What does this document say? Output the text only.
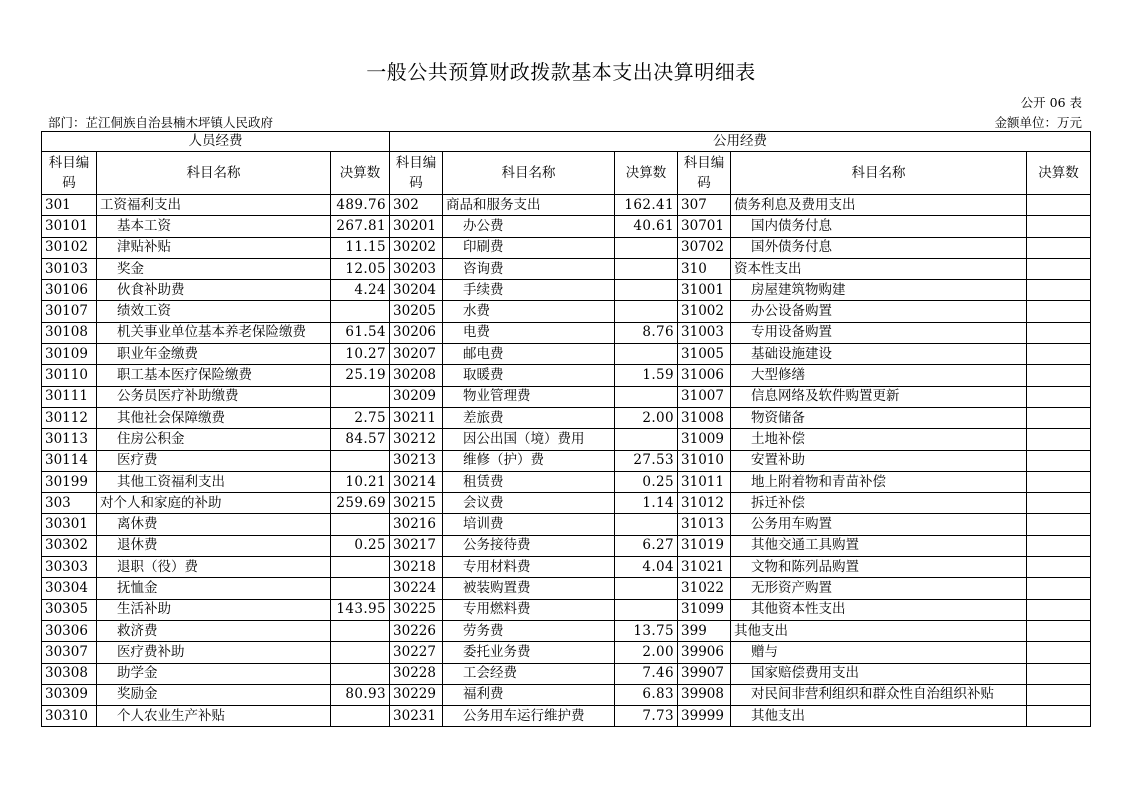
一般公共预算财政拨款基本支出决算明细表
公开 06 表
部门：芷江侗族自治县楠木坪镇人民政府	金额单位：万元
人员经费			公用经费					
科目编码	科目名称	决算数	科目编码	科目名称	决算数	科目编码	科目名称	决算数
301	工资福利支出	489.76	302	商品和服务支出	162.41	307	债务利息及费用支出	
30101	基本工资	267.81	30201	办公费	40.61	30701	国内债务付息	
30102	津贴补贴	11.15	30202	印刷费		30702	国外债务付息	
30103	奖金	12.05	30203	咨询费		310	资本性支出	
30106	伙食补助费	4.24	30204	手续费		31001	房屋建筑物购建	
30107	绩效工资		30205	水费		31002	办公设备购置	
30108	机关事业单位基本养老保险缴费	61.54	30206	电费	8.76	31003	专用设备购置	
30109	职业年金缴费	10.27	30207	邮电费		31005	基础设施建设	
30110	职工基本医疗保险缴费	25.19	30208	取暖费	1.59	31006	大型修缮	
30111	公务员医疗补助缴费		30209	物业管理费		31007	信息网络及软件购置更新	
30112	其他社会保障缴费	2.75	30211	差旅费	2.00	31008	物资储备	
30113	住房公积金	84.57	30212	因公出国（境）费用		31009	土地补偿	
30114	医疗费		30213	维修（护）费	27.53	31010	安置补助	
30199	其他工资福利支出	10.21	30214	租赁费	0.25	31011	地上附着物和青苗补偿	
303	对个人和家庭的补助	259.69	30215	会议费	1.14	31012	拆迁补偿	
30301	离休费		30216	培训费		31013	公务用车购置	
30302	退休费	0.25	30217	公务接待费	6.27	31019	其他交通工具购置	
30303	退职（役）费		30218	专用材料费	4.04	31021	文物和陈列品购置	
30304	抚恤金		30224	被装购置费		31022	无形资产购置	
30305	生活补助	143.95	30225	专用燃料费		31099	其他资本性支出	
30306	救济费		30226	劳务费	13.75	399	其他支出	
30307	医疗费补助		30227	委托业务费	2.00	39906	赠与	
30308	助学金		30228	工会经费	7.46	39907	国家赔偿费用支出	
30309	奖励金	80.93	30229	福利费	6.83	39908	对民间非营利组织和群众性自治组织补贴	
30310	个人农业生产补贴		30231	公务用车运行维护费	7.73	39999	其他支出	
